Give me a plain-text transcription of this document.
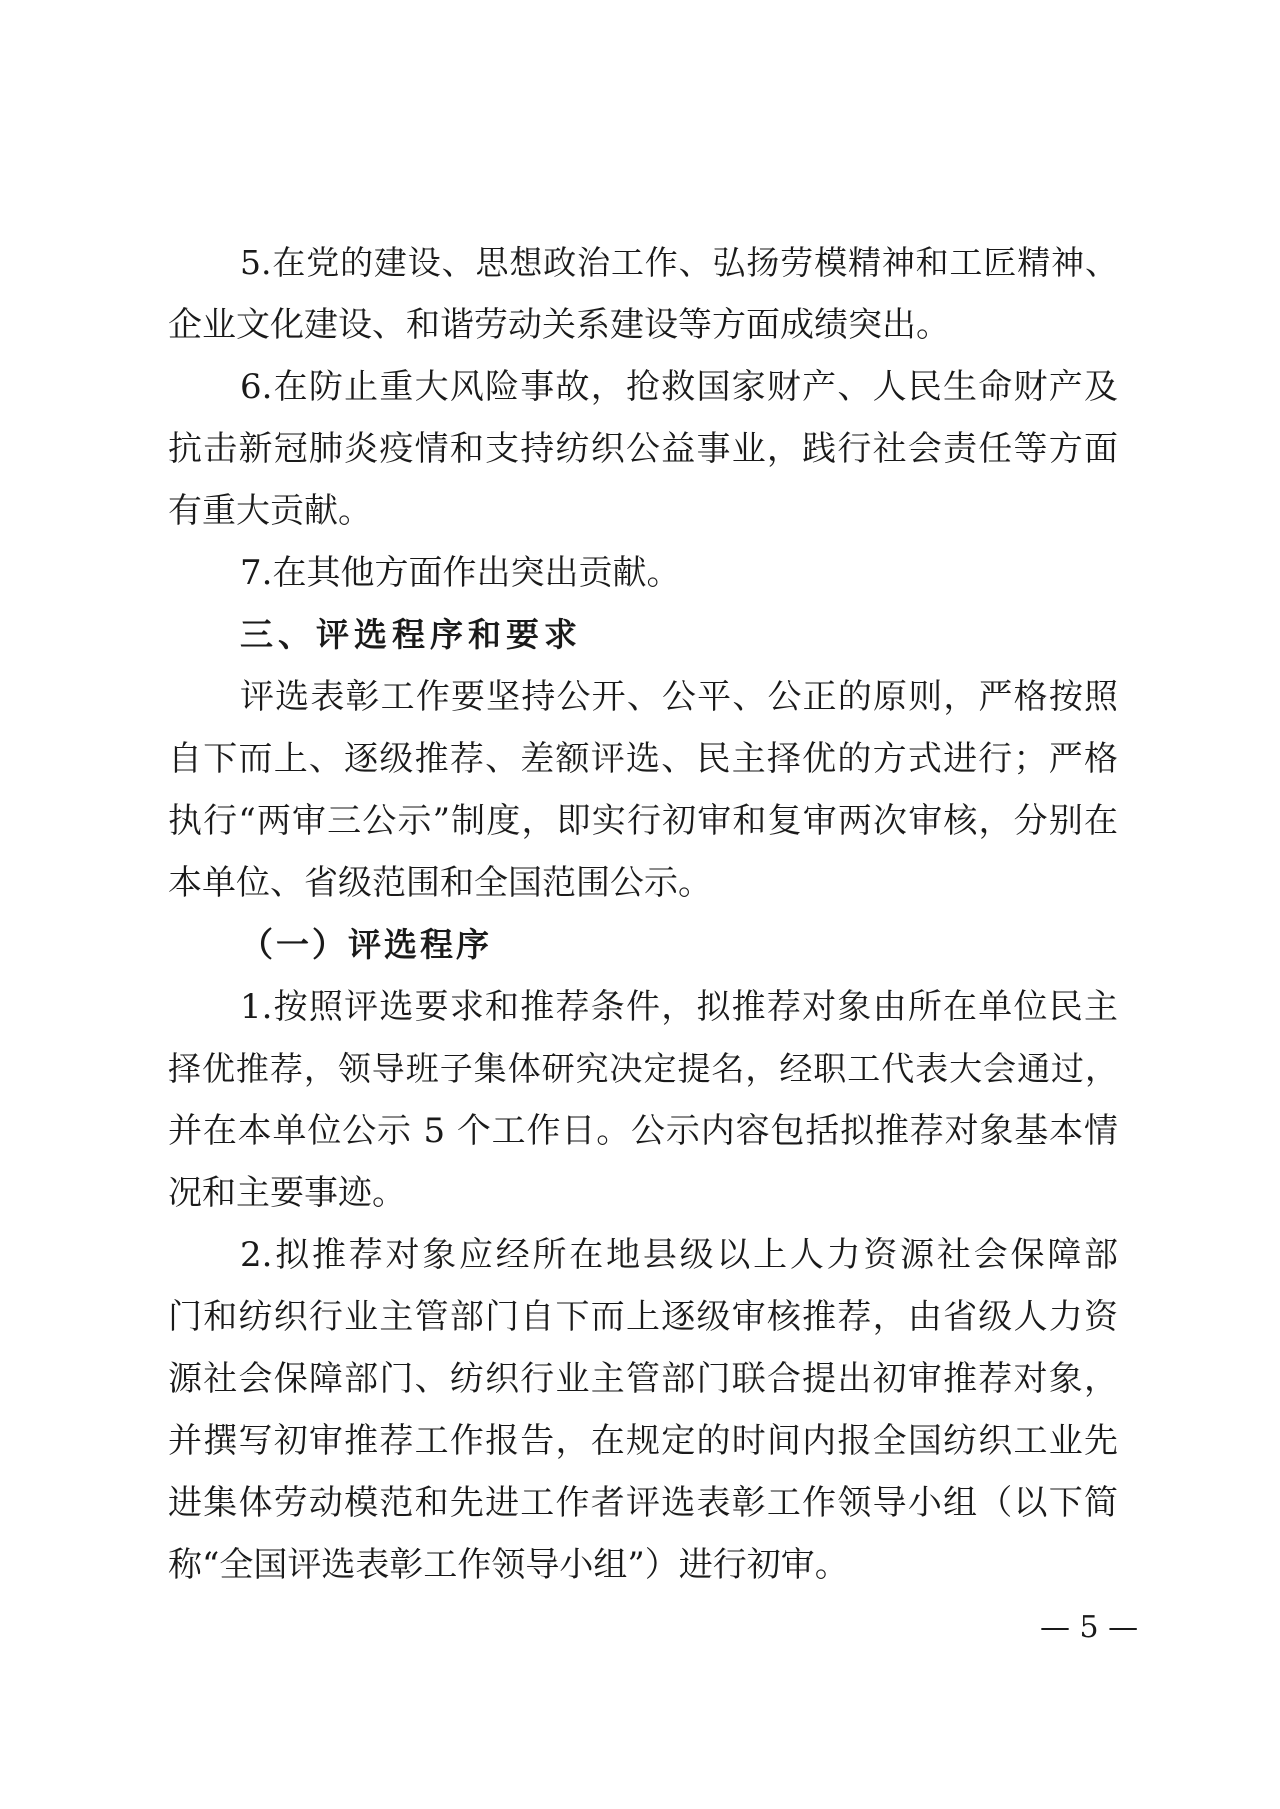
5.在党的建设、思想政治工作、弘扬劳模精神和工匠精神、
企业文化建设、和谐劳动关系建设等方面成绩突出。
6.在防止重大风险事故，抢救国家财产、人民生命财产及
抗击新冠肺炎疫情和支持纺织公益事业，践行社会责任等方面
有重大贡献。
7.在其他方面作出突出贡献。
三、评选程序和要求
评选表彰工作要坚持公开、公平、公正的原则，严格按照
自下而上、逐级推荐、差额评选、民主择优的方式进行；严格
执行“两审三公示”制度，即实行初审和复审两次审核，分别在
本单位、省级范围和全国范围公示。
（一）评选程序
1.按照评选要求和推荐条件，拟推荐对象由所在单位民主
择优推荐，领导班子集体研究决定提名，经职工代表大会通过，
并在本单位公示 5 个工作日。公示内容包括拟推荐对象基本情
况和主要事迹。
2.拟推荐对象应经所在地县级以上人力资源社会保障部
门和纺织行业主管部门自下而上逐级审核推荐，由省级人力资
源社会保障部门、纺织行业主管部门联合提出初审推荐对象，
并撰写初审推荐工作报告，在规定的时间内报全国纺织工业先
进集体劳动模范和先进工作者评选表彰工作领导小组（以下简
称“全国评选表彰工作领导小组”）进行初审。
— 5 —
